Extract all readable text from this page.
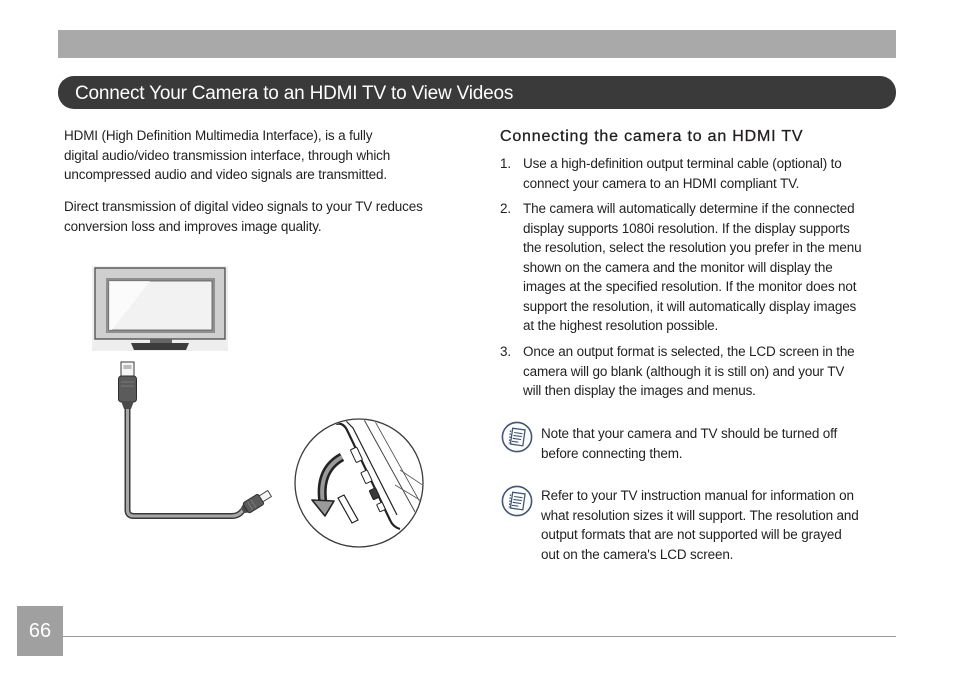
Connect Your Camera to an HDMI TV to View Videos
HDMI (High Definition Multimedia Interface), is a fully
digital audio/video transmission interface, through which
uncompressed audio and video signals are transmitted.
Direct transmission of digital video signals to your TV reduces
conversion loss and improves image quality.
Connecting the camera to an HDMI TV
1. Use a high-definition output terminal cable (optional) to
connect your camera to an HDMI compliant TV.
2. The camera will automatically determine if the connected
display supports 1080i resolution. If the display supports
the resolution, select the resolution you prefer in the menu
shown on the camera and the monitor will display the
images at the specified resolution. If the monitor does not
support the resolution, it will automatically display images
at the highest resolution possible.
3. Once an output format is selected, the LCD screen in the
camera will go blank (although it is still on) and your TV
will then display the images and menus.
Note that your camera and TV should be turned off
before connecting them.
Refer to your TV instruction manual for information on
what resolution sizes it will support. The resolution and
output formats that are not supported will be grayed
out on the camera's LCD screen.
66
